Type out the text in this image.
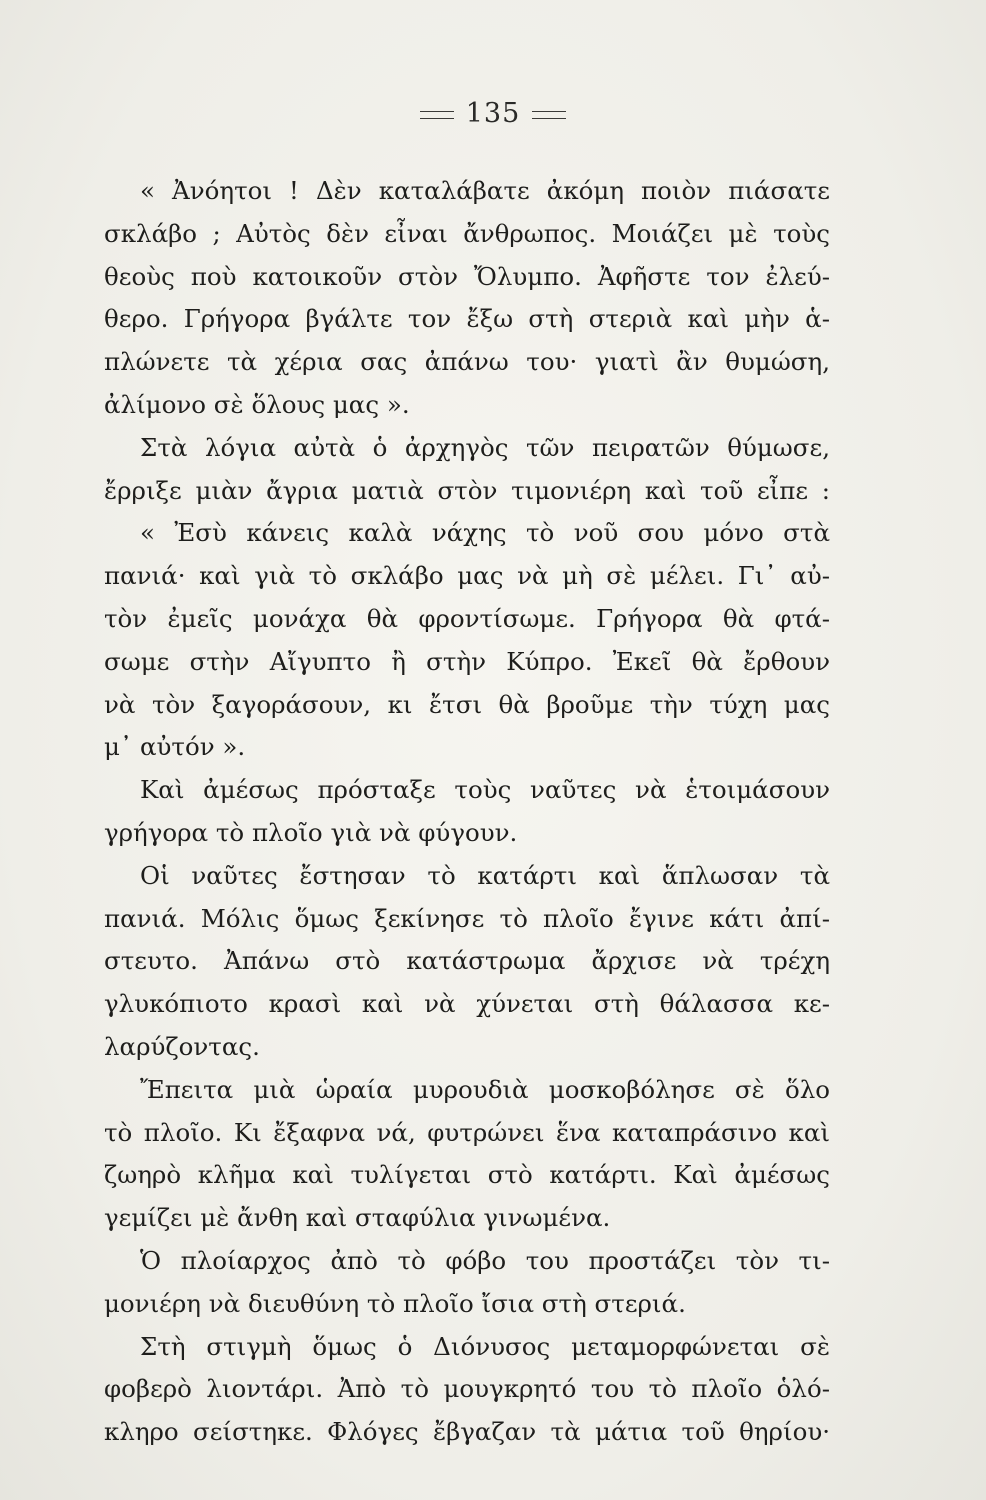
135
« Ἀνόητοι ! Δὲν καταλάβατε ἀκόμη ποιὸν πιάσατε
σκλάβο ; Αὐτὸς δὲν εἶναι ἄνθρωπος. Μοιάζει μὲ τοὺς
θεοὺς ποὺ κατοικοῦν στὸν Ὄλυμπο. Ἀφῆστε τον ἐλεύ-
θερο. Γρήγορα βγάλτε τον ἔξω στὴ στεριὰ καὶ μὴν ἁ-
πλώνετε τὰ χέρια σας ἀπάνω του· γιατὶ ἂν θυμώση,
ἀλίμονο σὲ ὅλους μας ».
Στὰ λόγια αὐτὰ ὁ ἀρχηγὸς τῶν πειρατῶν θύμωσε,
ἔρριξε μιὰν ἄγρια ματιὰ στὸν τιμονιέρη καὶ τοῦ εἶπε :
« Ἐσὺ κάνεις καλὰ νάχης τὸ νοῦ σου μόνο στὰ
πανιά· καὶ γιὰ τὸ σκλάβο μας νὰ μὴ σὲ μέλει. Γι᾿ αὐ-
τὸν ἐμεῖς μονάχα θὰ φροντίσωμε. Γρήγορα θὰ φτά-
σωμε στὴν Αἴγυπτο ἢ στὴν Κύπρο. Ἐκεῖ θὰ ἔρθουν
νὰ τὸν ξαγοράσουν, κι ἔτσι θὰ βροῦμε τὴν τύχη μας
μ᾿ αὐτόν ».
Καὶ ἀμέσως πρόσταξε τοὺς ναῦτες νὰ ἑτοιμάσουν
γρήγορα τὸ πλοῖο γιὰ νὰ φύγουν.
Οἱ ναῦτες ἔστησαν τὸ κατάρτι καὶ ἅπλωσαν τὰ
πανιά. Μόλις ὅμως ξεκίνησε τὸ πλοῖο ἔγινε κάτι ἀπί-
στευτο. Ἀπάνω στὸ κατάστρωμα ἄρχισε νὰ τρέχη
γλυκόπιοτο κρασὶ καὶ νὰ χύνεται στὴ θάλασσα κε-
λαρύζοντας.
Ἔπειτα μιὰ ὡραία μυρουδιὰ μοσκοβόλησε σὲ ὅλο
τὸ πλοῖο. Κι ἔξαφνα νά, φυτρώνει ἕνα καταπράσινο καὶ
ζωηρὸ κλῆμα καὶ τυλίγεται στὸ κατάρτι. Καὶ ἀμέσως
γεμίζει μὲ ἄνθη καὶ σταφύλια γινωμένα.
Ὁ πλοίαρχος ἀπὸ τὸ φόβο του προστάζει τὸν τι-
μονιέρη νὰ διευθύνη τὸ πλοῖο ἴσια στὴ στεριά.
Στὴ στιγμὴ ὅμως ὁ Διόνυσος μεταμορφώνεται σὲ
φοβερὸ λιοντάρι. Ἀπὸ τὸ μουγκρητό του τὸ πλοῖο ὁλό-
κληρο σείστηκε. Φλόγες ἔβγαζαν τὰ μάτια τοῦ θηρίου·
